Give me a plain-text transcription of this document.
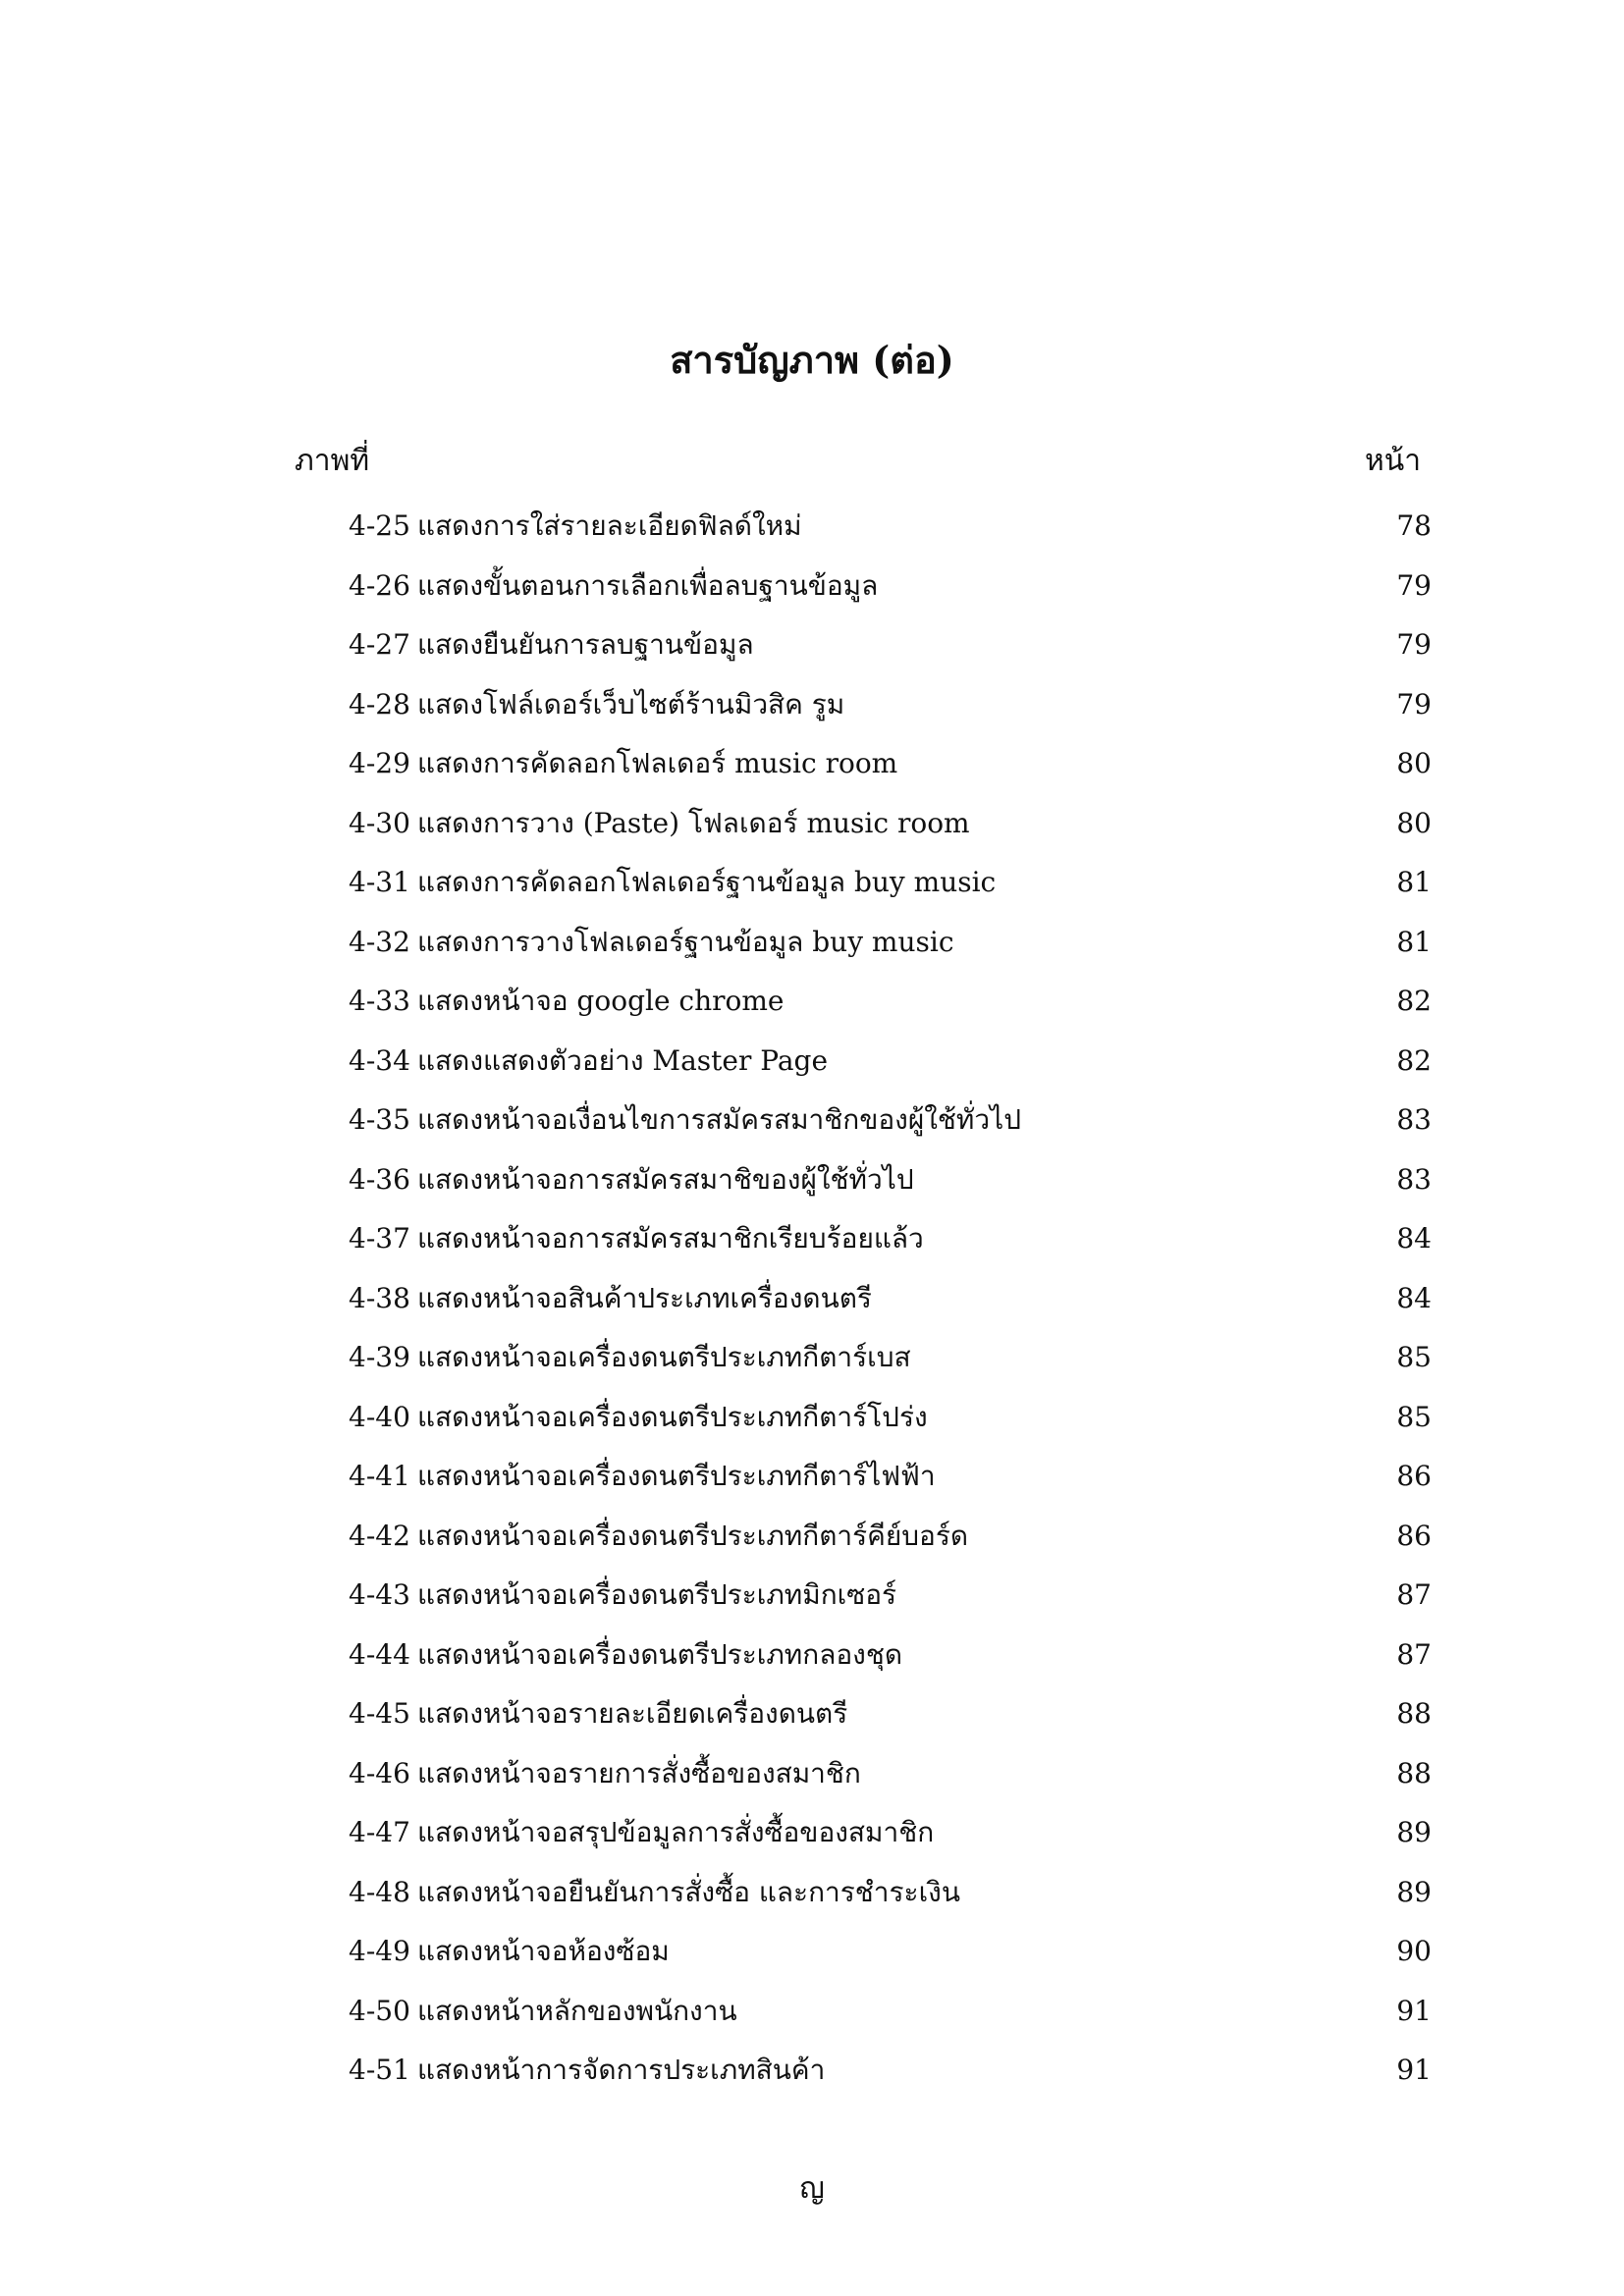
สารบัญภาพ (ต่อ)
ภาพที่	หน้า
4-25 แสดงการใส่รายละเอียดฟิลด์ใหม่	78
4-26 แสดงขั้นตอนการเลือกเพื่อลบฐานข้อมูล	79
4-27 แสดงยืนยันการลบฐานข้อมูล	79
4-28 แสดงโฟล์เดอร์เว็บไซต์ร้านมิวสิค รูม	79
4-29 แสดงการคัดลอกโฟลเดอร์ music room	80
4-30 แสดงการวาง (Paste) โฟลเดอร์ music room	80
4-31 แสดงการคัดลอกโฟลเดอร์ฐานข้อมูล buy music	81
4-32 แสดงการวางโฟลเดอร์ฐานข้อมูล buy music	81
4-33 แสดงหน้าจอ google chrome	82
4-34 แสดงแสดงตัวอย่าง Master Page	82
4-35 แสดงหน้าจอเงื่อนไขการสมัครสมาชิกของผู้ใช้ทั่วไป	83
4-36 แสดงหน้าจอการสมัครสมาชิของผู้ใช้ทั่วไป	83
4-37 แสดงหน้าจอการสมัครสมาชิกเรียบร้อยแล้ว	84
4-38 แสดงหน้าจอสินค้าประเภทเครื่องดนตรี	84
4-39 แสดงหน้าจอเครื่องดนตรีประเภทกีตาร์เบส	85
4-40 แสดงหน้าจอเครื่องดนตรีประเภทกีตาร์โปร่ง	85
4-41 แสดงหน้าจอเครื่องดนตรีประเภทกีตาร์ไฟฟ้า	86
4-42 แสดงหน้าจอเครื่องดนตรีประเภทกีตาร์คีย์บอร์ด	86
4-43 แสดงหน้าจอเครื่องดนตรีประเภทมิกเซอร์	87
4-44 แสดงหน้าจอเครื่องดนตรีประเภทกลองชุด	87
4-45 แสดงหน้าจอรายละเอียดเครื่องดนตรี	88
4-46 แสดงหน้าจอรายการสั่งซื้อของสมาชิก	88
4-47 แสดงหน้าจอสรุปข้อมูลการสั่งซื้อของสมาชิก	89
4-48 แสดงหน้าจอยืนยันการสั่งซื้อ และการชำระเงิน	89
4-49 แสดงหน้าจอห้องซ้อม	90
4-50 แสดงหน้าหลักของพนักงาน	91
4-51 แสดงหน้าการจัดการประเภทสินค้า	91
ญ
